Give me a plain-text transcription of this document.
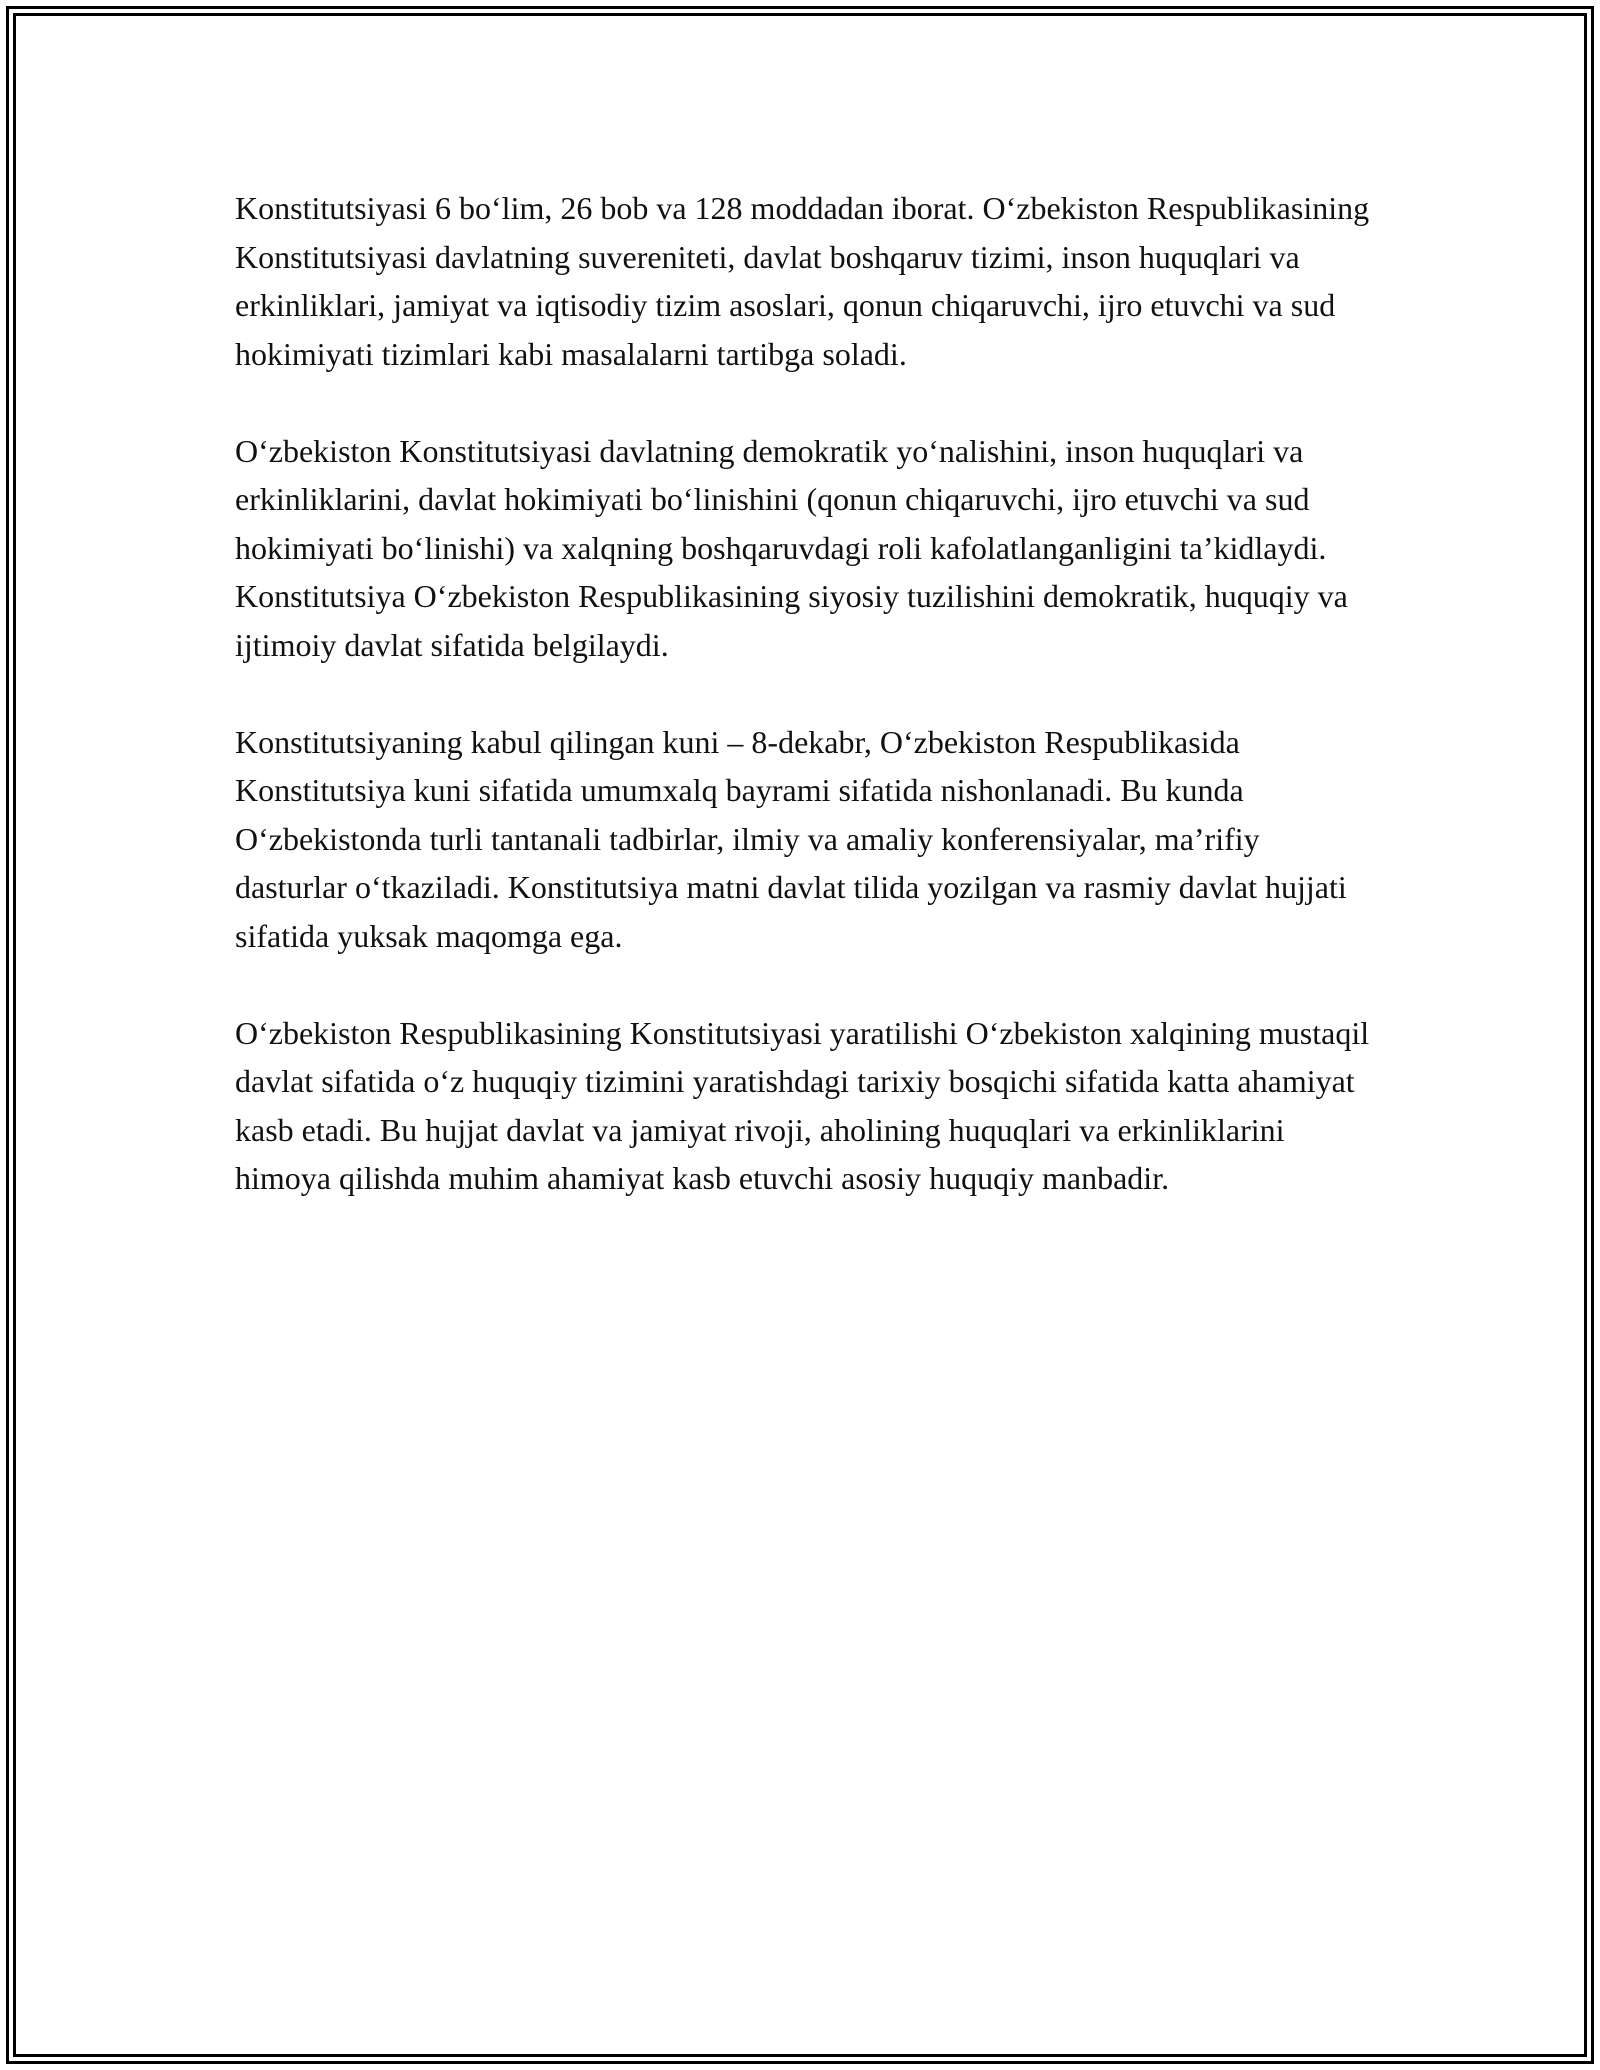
Konstitutsiyasi 6 bo‘lim, 26 bob va 128 moddadan iborat. O‘zbekiston Respublikasining Konstitutsiyasi davlatning suvereniteti, davlat boshqaruv tizimi, inson huquqlari va erkinliklari, jamiyat va iqtisodiy tizim asoslari, qonun chiqaruvchi, ijro etuvchi va sud hokimiyati tizimlari kabi masalalarni tartibga soladi.

O‘zbekiston Konstitutsiyasi davlatning demokratik yo‘nalishini, inson huquqlari va erkinliklarini, davlat hokimiyati bo‘linishini (qonun chiqaruvchi, ijro etuvchi va sud hokimiyati bo‘linishi) va xalqning boshqaruvdagi roli kafolatlanganligini ta’kidlaydi. Konstitutsiya O‘zbekiston Respublikasining siyosiy tuzilishini demokratik, huquqiy va ijtimoiy davlat sifatida belgilaydi.

Konstitutsiyaning kabul qilingan kuni – 8-dekabr, O‘zbekiston Respublikasida Konstitutsiya kuni sifatida umumxalq bayrami sifatida nishonlanadi. Bu kunda O‘zbekistonda turli tantanali tadbirlar, ilmiy va amaliy konferensiyalar, ma’rifiy dasturlar o‘tkaziladi. Konstitutsiya matni davlat tilida yozilgan va rasmiy davlat hujjati sifatida yuksak maqomga ega.

O‘zbekiston Respublikasining Konstitutsiyasi yaratilishi O‘zbekiston xalqining mustaqil davlat sifatida o‘z huquqiy tizimini yaratishdagi tarixiy bosqichi sifatida katta ahamiyat kasb etadi. Bu hujjat davlat va jamiyat rivoji, aholining huquqlari va erkinliklarini himoya qilishda muhim ahamiyat kasb etuvchi asosiy huquqiy manbadir.
